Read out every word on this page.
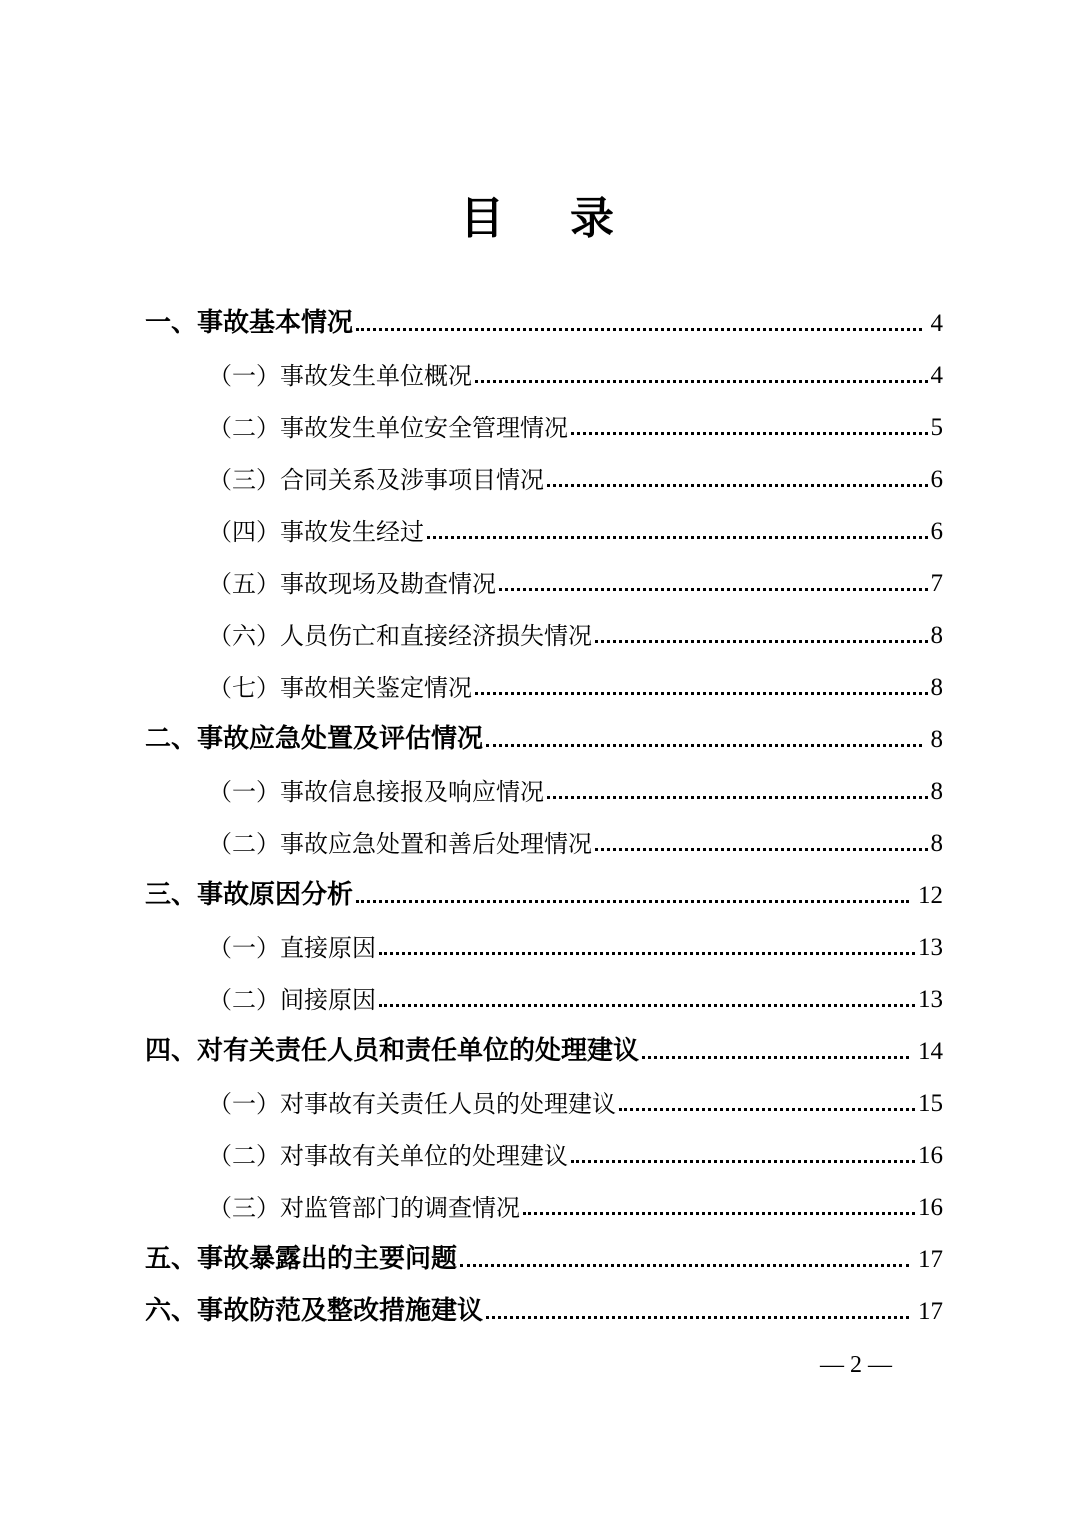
目 录
一、事故基本情况	4
（一）事故发生单位概况	4
（二）事故发生单位安全管理情况	5
（三）合同关系及涉事项目情况	6
（四）事故发生经过	6
（五）事故现场及勘查情况	7
（六）人员伤亡和直接经济损失情况	8
（七）事故相关鉴定情况	8
二、事故应急处置及评估情况	8
（一）事故信息接报及响应情况	8
（二）事故应急处置和善后处理情况	8
三、事故原因分析	12
（一）直接原因	13
（二）间接原因	13
四、对有关责任人员和责任单位的处理建议	14
（一）对事故有关责任人员的处理建议	15
（二）对事故有关单位的处理建议	16
（三）对监管部门的调查情况	16
五、事故暴露出的主要问题	17
六、事故防范及整改措施建议	17
— 2 —
